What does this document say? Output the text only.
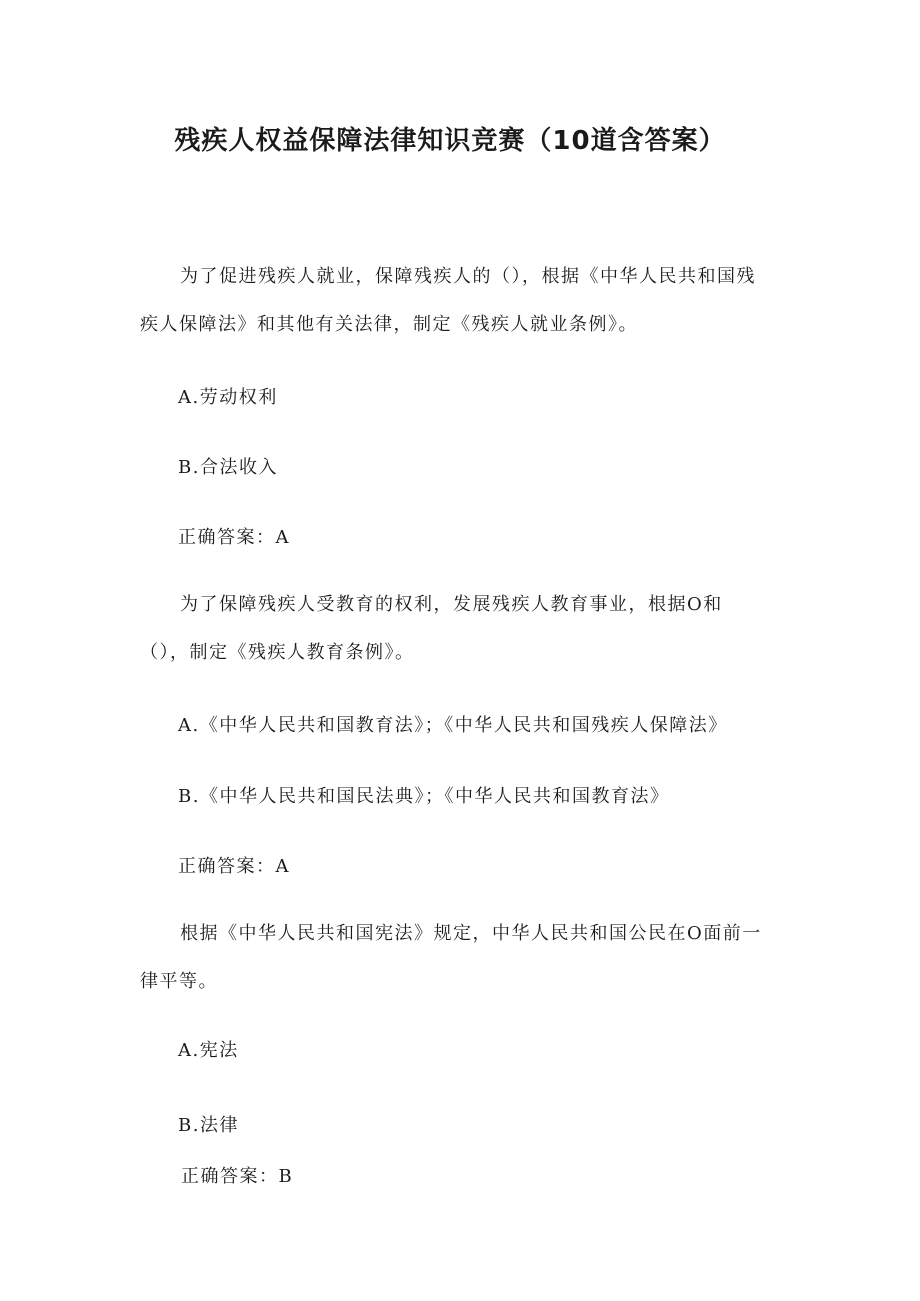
残疾人权益保障法律知识竞赛（10道含答案）

为了促进残疾人就业，保障残疾人的（），根据《中华人民共和国残疾人保障法》和其他有关法律，制定《残疾人就业条例》。

A.劳动权利

B.合法收入

正确答案：A

为了保障残疾人受教育的权利，发展残疾人教育事业，根据O和（），制定《残疾人教育条例》。

A.《中华人民共和国教育法》；《中华人民共和国残疾人保障法》

B.《中华人民共和国民法典》；《中华人民共和国教育法》

正确答案：A

根据《中华人民共和国宪法》规定，中华人民共和国公民在O面前一律平等。

A.宪法

B.法律

正确答案：B
